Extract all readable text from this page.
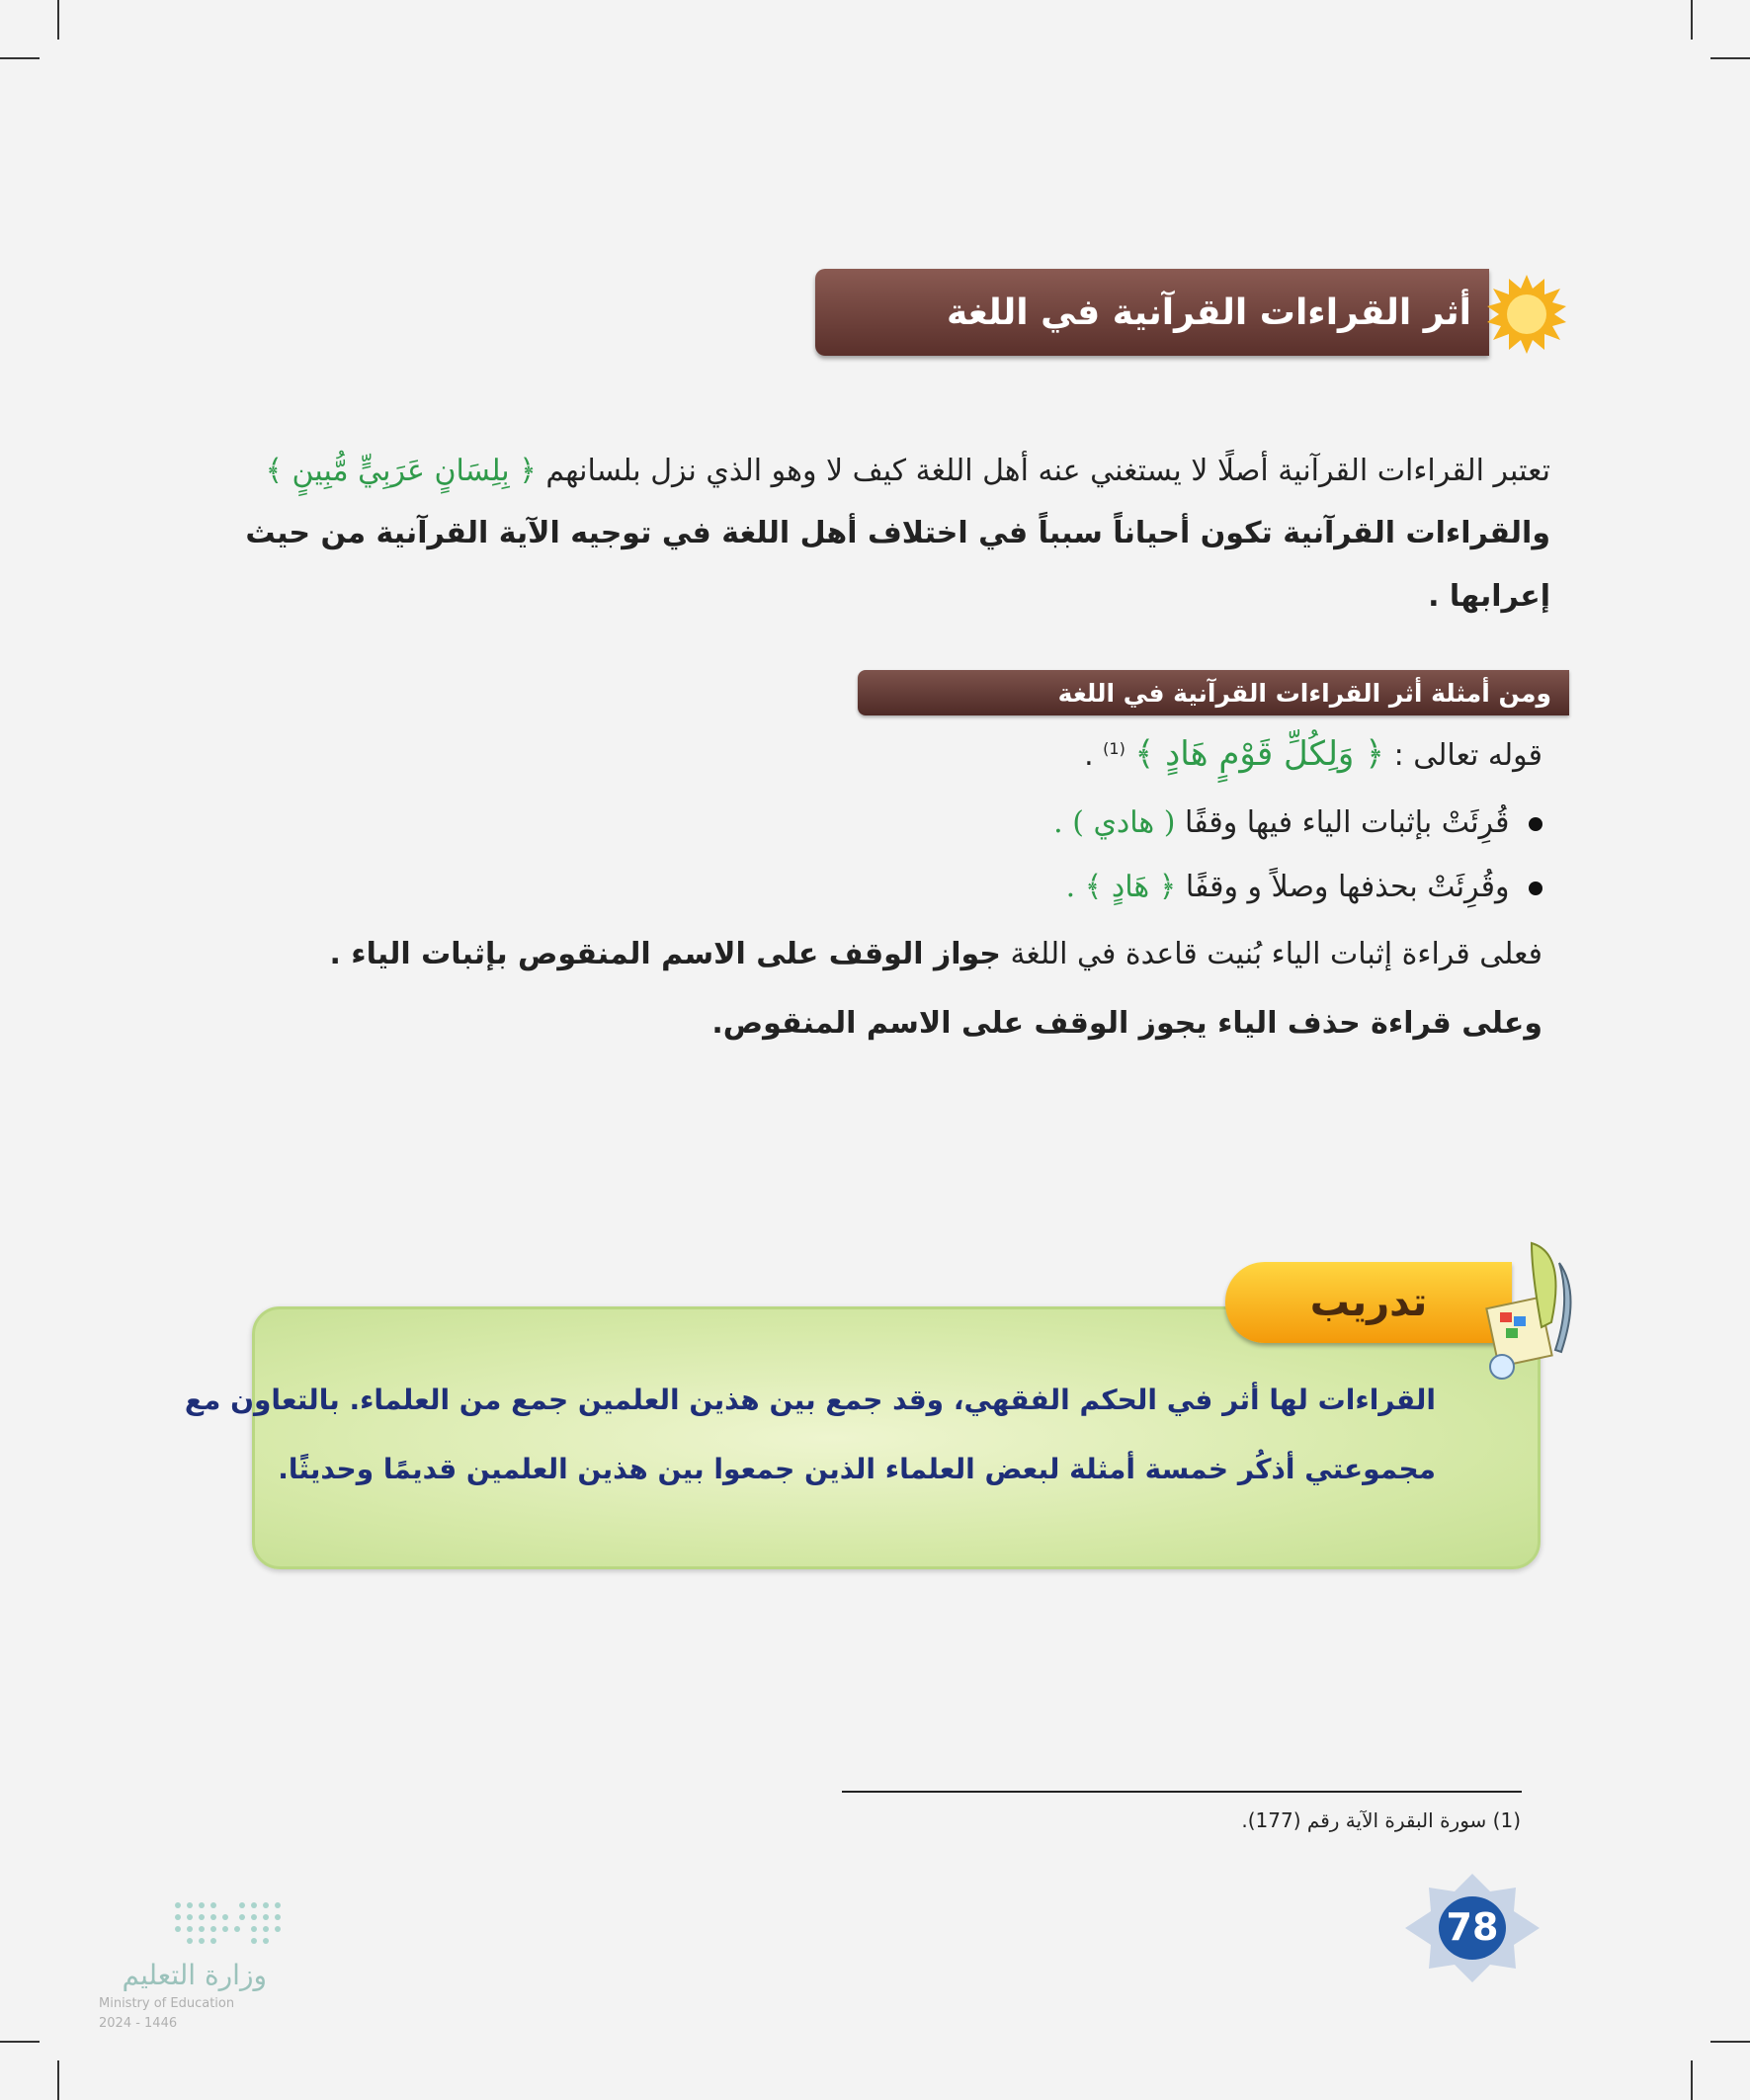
أثر القراءات القرآنية في اللغة
تعتبر القراءات القرآنية أصلًا لا يستغني عنه أهل اللغة كيف لا وهو الذي نزل بلسانهم ﴿ بِلِسَانٍ عَرَبِيٍّ مُّبِينٍ ﴾
والقراءات القرآنية تكون أحياناً سبباً في اختلاف أهل اللغة في توجيه الآية القرآنية من حيث إعرابها .
ومن أمثلة أثر القراءات القرآنية في اللغة
قوله تعالى : ﴿ وَلِكُلِّ قَوْمٍ هَادٍ ﴾ $^{(1)}$ .
قُرِئَتْ بإثبات الياء فيها وقفًا ( هادي ) .
وقُرِئَتْ بحذفها وصلاً و وقفًا ﴿ هَادٍ ﴾ .
فعلى قراءة إثبات الياء بُنيت قاعدة في اللغة جواز الوقف على الاسم المنقوص بإثبات الياء .
وعلى قراءة حذف الياء يجوز الوقف على الاسم المنقوص.
تدريب
القراءات لها أثر في الحكم الفقهي، وقد جمع بين هذين العلمين جمع من العلماء. بالتعاون مع
مجموعتي أذكُر خمسة أمثلة لبعض العلماء الذين جمعوا بين هذين العلمين قديمًا وحديثًا.
(1) سورة البقرة الآية رقم (177).
78
وزارة التعليم
Ministry of Education
2024 - 1446
